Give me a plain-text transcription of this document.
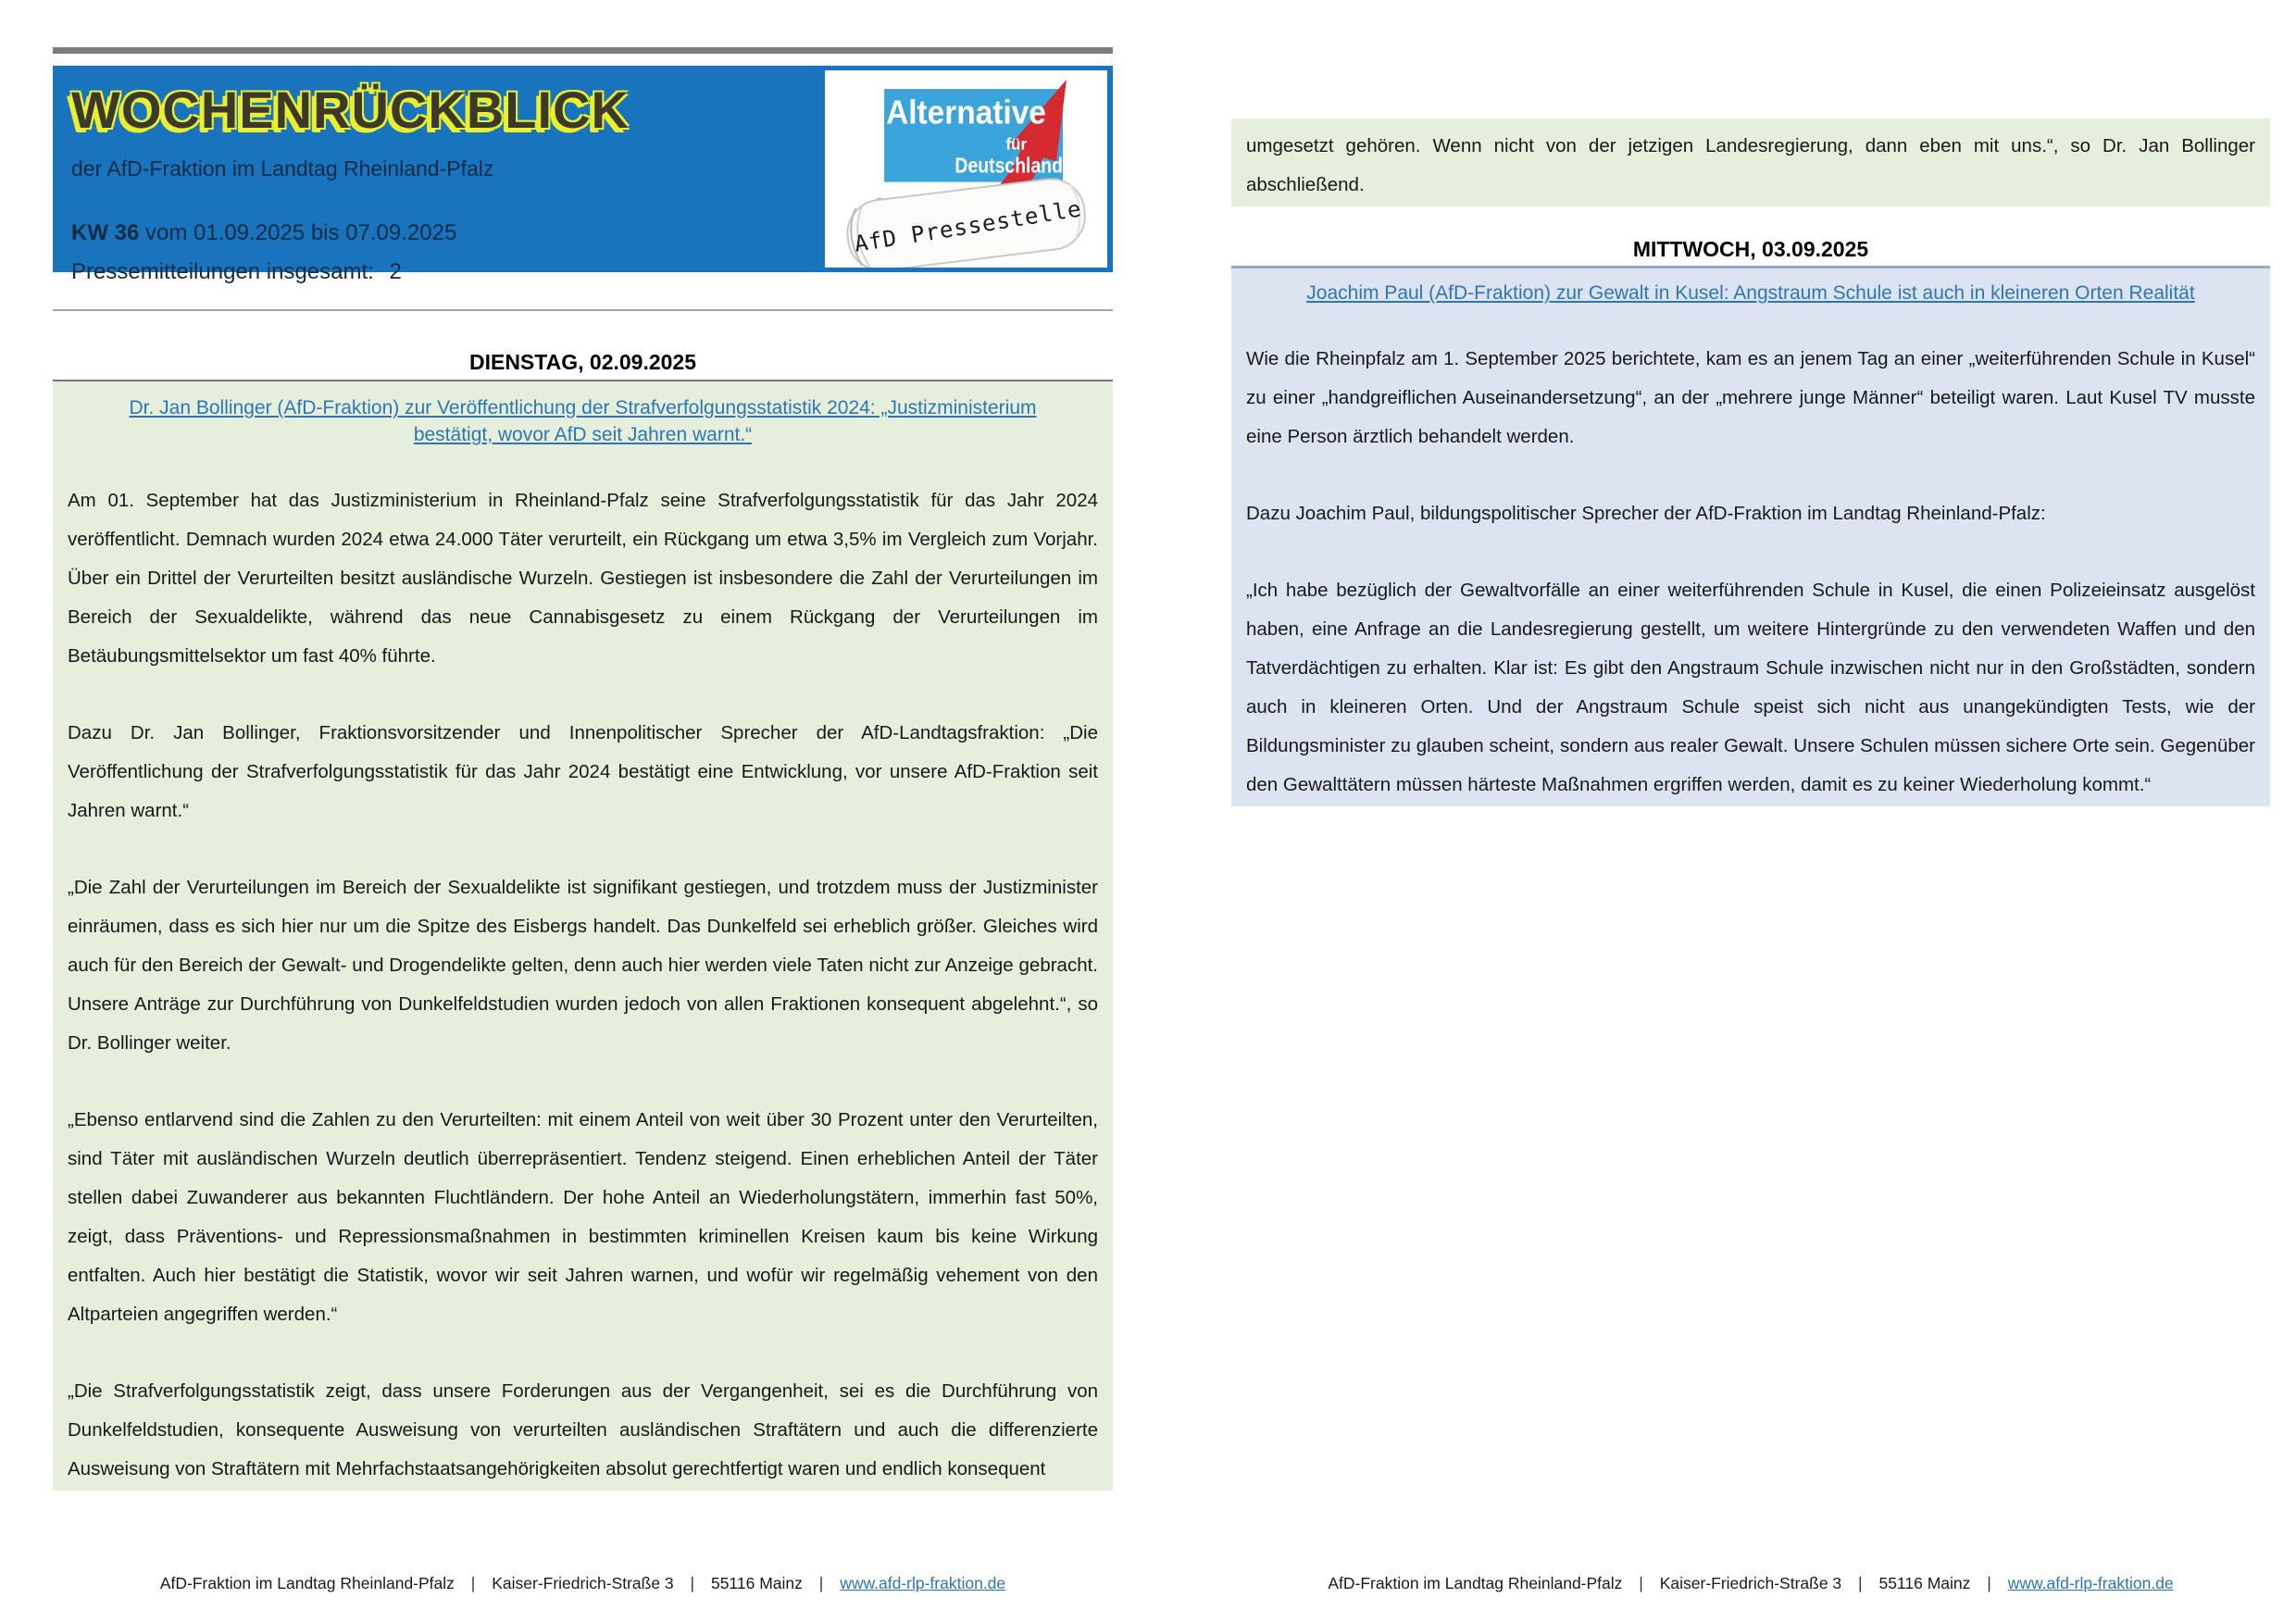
WOCHENRÜCKBLICK
der AfD-Fraktion im Landtag Rheinland-Pfalz
KW 36 vom 01.09.2025 bis 07.09.2025
Pressemitteilungen insgesamt: 2
Alternative
für
Deutschland
AfD Pressestelle
DIENSTAG, 02.09.2025
Dr. Jan Bollinger (AfD-Fraktion) zur Veröffentlichung der Strafverfolgungsstatistik 2024: „Justizministerium bestätigt, wovor AfD seit Jahren warnt.“

Am 01. September hat das Justizministerium in Rheinland-Pfalz seine Strafverfolgungsstatistik für das Jahr 2024 veröffentlicht. Demnach wurden 2024 etwa 24.000 Täter verurteilt, ein Rückgang um etwa 3,5% im Vergleich zum Vorjahr. Über ein Drittel der Verurteilten besitzt ausländische Wurzeln. Gestiegen ist insbesondere die Zahl der Verurteilungen im Bereich der Sexualdelikte, während das neue Cannabisgesetz zu einem Rückgang der Verurteilungen im Betäubungsmittelsektor um fast 40% führte.

Dazu Dr. Jan Bollinger, Fraktionsvorsitzender und Innenpolitischer Sprecher der AfD-Landtagsfraktion: „Die Veröffentlichung der Strafverfolgungsstatistik für das Jahr 2024 bestätigt eine Entwicklung, vor unsere AfD-Fraktion seit Jahren warnt.“

„Die Zahl der Verurteilungen im Bereich der Sexualdelikte ist signifikant gestiegen, und trotzdem muss der Justizminister einräumen, dass es sich hier nur um die Spitze des Eisbergs handelt. Das Dunkelfeld sei erheblich größer. Gleiches wird auch für den Bereich der Gewalt- und Drogendelikte gelten, denn auch hier werden viele Taten nicht zur Anzeige gebracht. Unsere Anträge zur Durchführung von Dunkelfeldstudien wurden jedoch von allen Fraktionen konsequent abgelehnt.“, so Dr. Bollinger weiter.

„Ebenso entlarvend sind die Zahlen zu den Verurteilten: mit einem Anteil von weit über 30 Prozent unter den Verurteilten, sind Täter mit ausländischen Wurzeln deutlich überrepräsentiert. Tendenz steigend. Einen erheblichen Anteil der Täter stellen dabei Zuwanderer aus bekannten Fluchtländern. Der hohe Anteil an Wiederholungstätern, immerhin fast 50%, zeigt, dass Präventions- und Repressionsmaßnahmen in bestimmten kriminellen Kreisen kaum bis keine Wirkung entfalten. Auch hier bestätigt die Statistik, wovor wir seit Jahren warnen, und wofür wir regelmäßig vehement von den Altparteien angegriffen werden.“

„Die Strafverfolgungsstatistik zeigt, dass unsere Forderungen aus der Vergangenheit, sei es die Durchführung von Dunkelfeldstudien, konsequente Ausweisung von verurteilten ausländischen Straftätern und auch die differenzierte Ausweisung von Straftätern mit Mehrfachstaatsangehörigkeiten absolut gerechtfertigt waren und endlich konsequent

AfD-Fraktion im Landtag Rheinland-Pfalz | Kaiser-Friedrich-Straße 3 | 55116 Mainz | www.afd-rlp-fraktion.de

umgesetzt gehören. Wenn nicht von der jetzigen Landesregierung, dann eben mit uns.“, so Dr. Jan Bollinger abschließend.

MITTWOCH, 03.09.2025
Joachim Paul (AfD-Fraktion) zur Gewalt in Kusel: Angstraum Schule ist auch in kleineren Orten Realität

Wie die Rheinpfalz am 1. September 2025 berichtete, kam es an jenem Tag an einer „weiterführenden Schule in Kusel“ zu einer „handgreiflichen Auseinandersetzung“, an der „mehrere junge Männer“ beteiligt waren. Laut Kusel TV musste eine Person ärztlich behandelt werden.

Dazu Joachim Paul, bildungspolitischer Sprecher der AfD-Fraktion im Landtag Rheinland-Pfalz:

„Ich habe bezüglich der Gewaltvorfälle an einer weiterführenden Schule in Kusel, die einen Polizeieinsatz ausgelöst haben, eine Anfrage an die Landesregierung gestellt, um weitere Hintergründe zu den verwendeten Waffen und den Tatverdächtigen zu erhalten. Klar ist: Es gibt den Angstraum Schule inzwischen nicht nur in den Großstädten, sondern auch in kleineren Orten. Und der Angstraum Schule speist sich nicht aus unangekündigten Tests, wie der Bildungsminister zu glauben scheint, sondern aus realer Gewalt. Unsere Schulen müssen sichere Orte sein. Gegenüber den Gewalttätern müssen härteste Maßnahmen ergriffen werden, damit es zu keiner Wiederholung kommt.“

AfD-Fraktion im Landtag Rheinland-Pfalz | Kaiser-Friedrich-Straße 3 | 55116 Mainz | www.afd-rlp-fraktion.de
